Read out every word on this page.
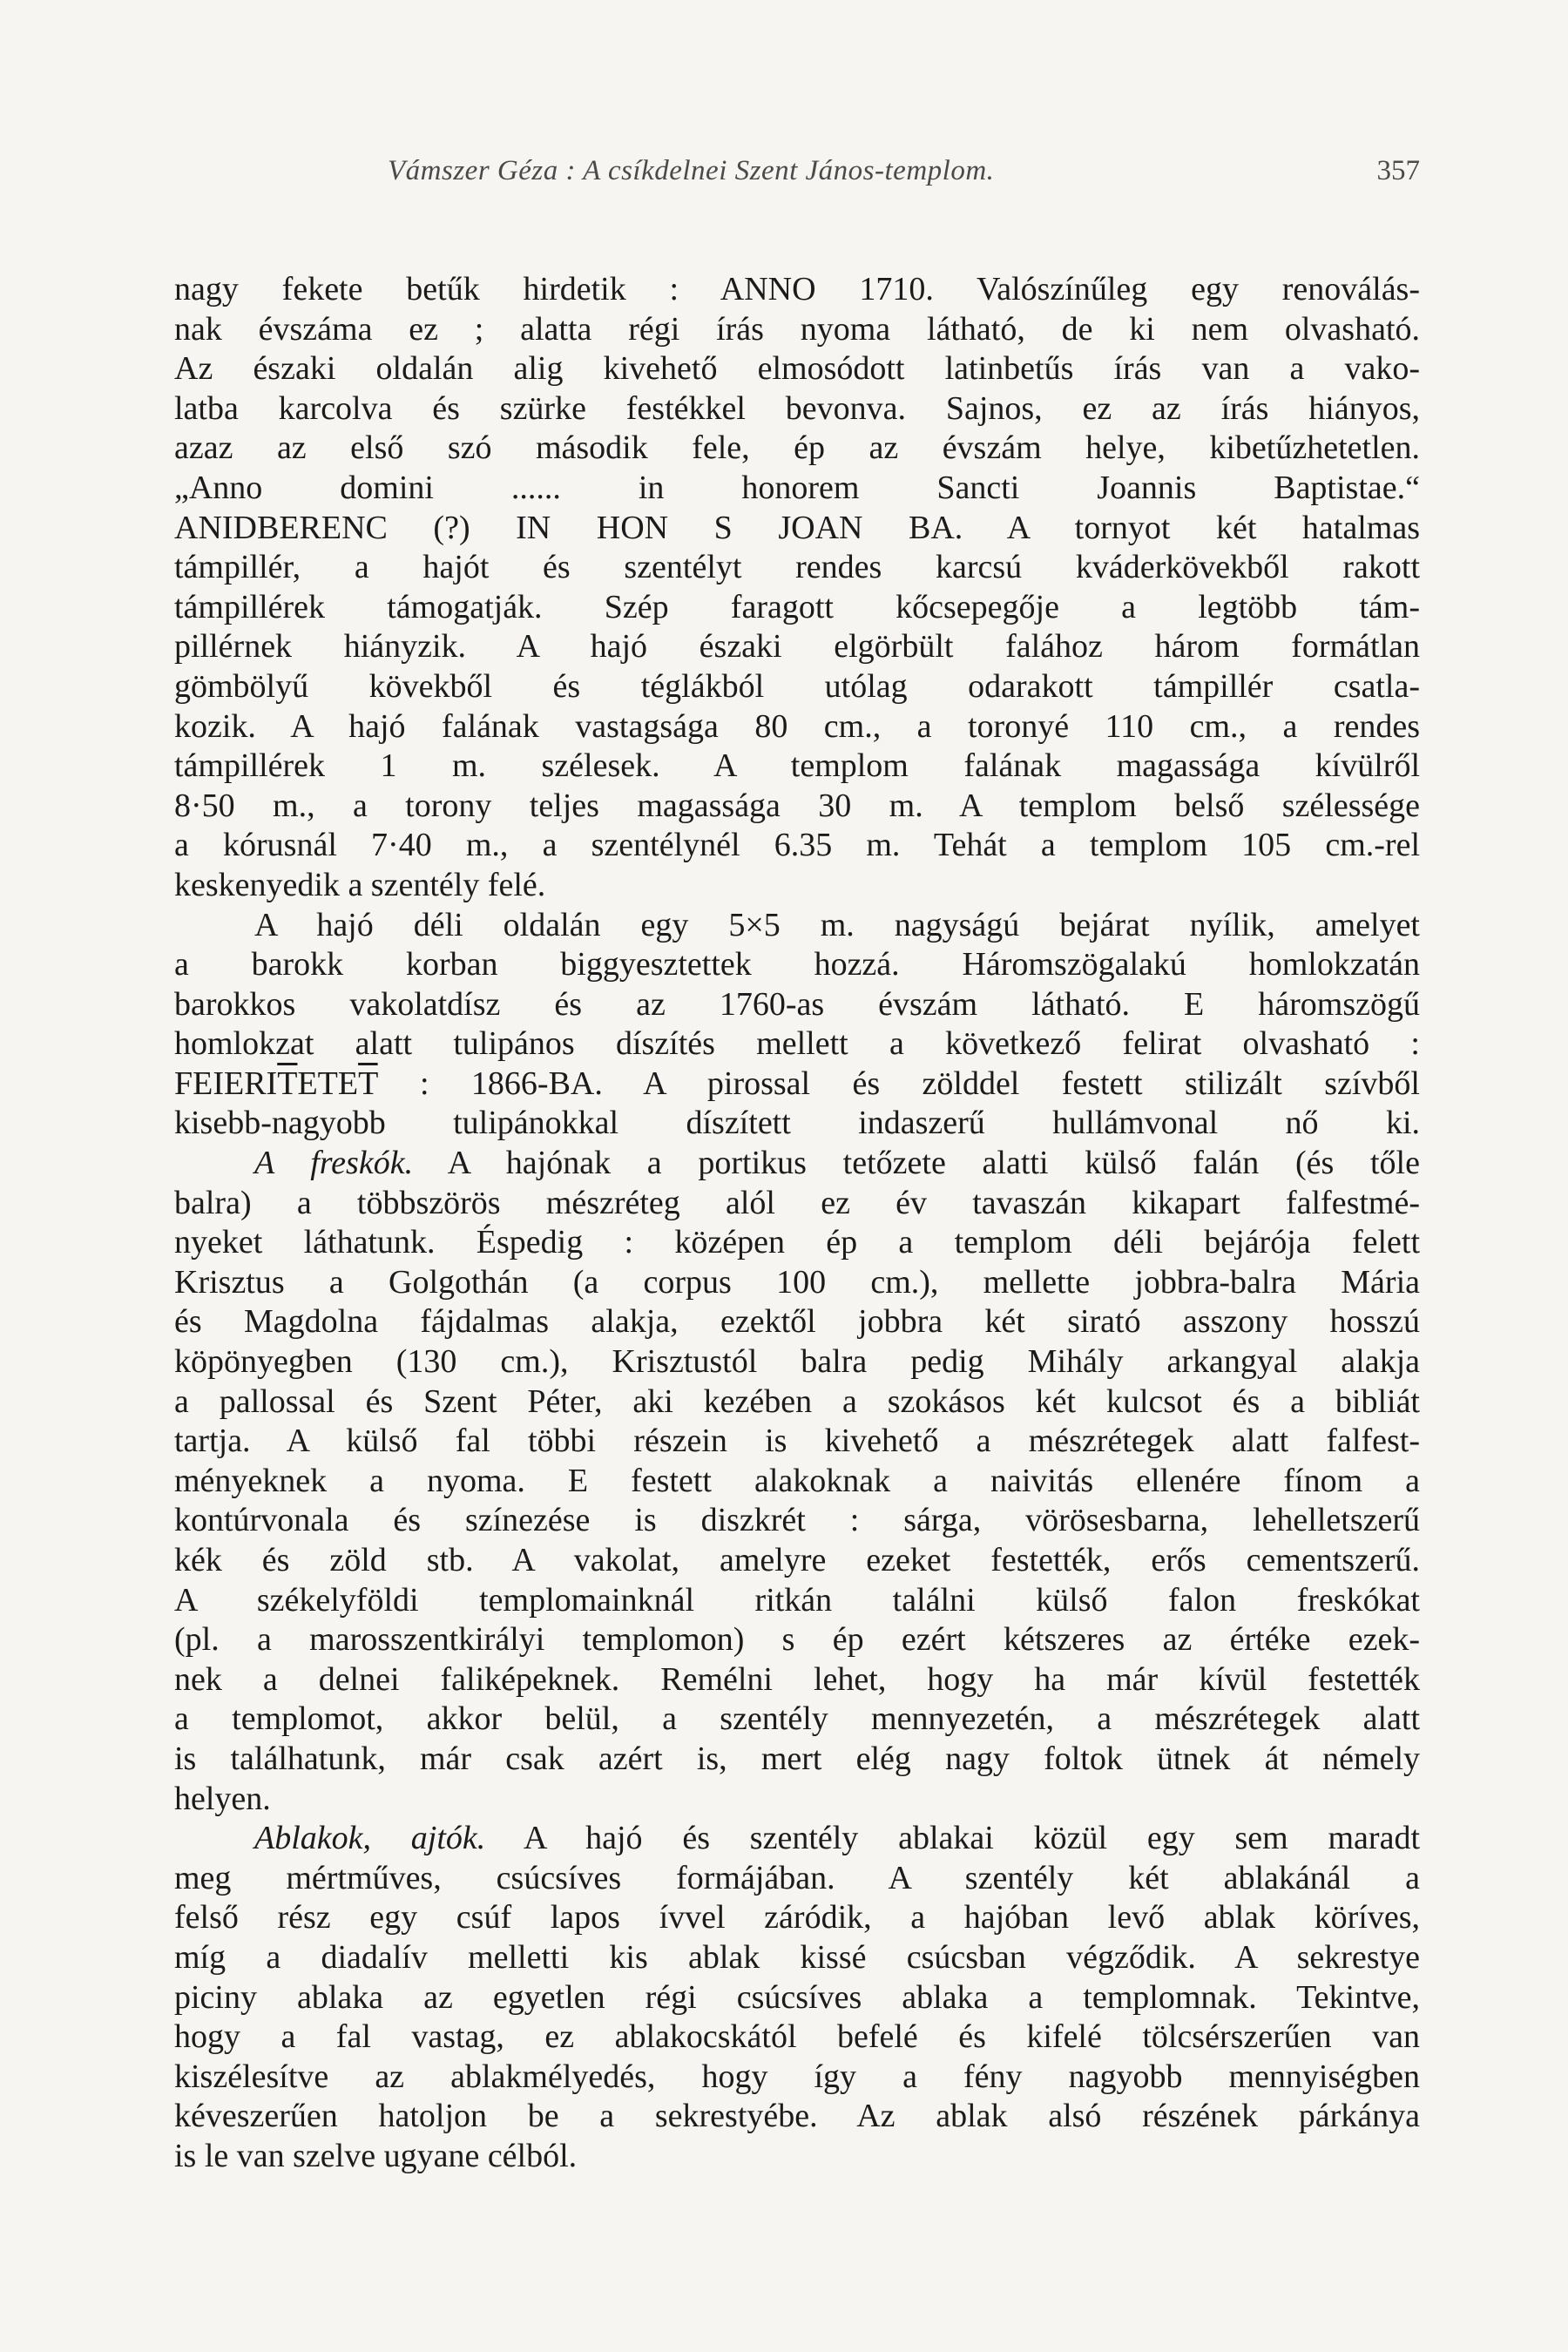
Vámszer Géza : A csíkdelnei Szent János-templom.	357
nagy fekete betűk hirdetik : ANNO 1710. Valószínűleg egy renoválás-
nak évszáma ez ; alatta régi írás nyoma látható, de ki nem olvasható.
Az északi oldalán alig kivehető elmosódott latinbetűs írás van a vako-
latba karcolva és szürke festékkel bevonva. Sajnos, ez az írás hiányos,
azaz az első szó második fele, ép az évszám helye, kibetűzhetetlen.
„Anno domini ...... in honorem Sancti Joannis Baptistae.“
ANIDBERENC (?) IN HON S JOAN BA. A tornyot két hatalmas
támpillér, a hajót és szentélyt rendes karcsú kváderkövekből rakott
támpillérek támogatják. Szép faragott kőcsepegője a legtöbb tám-
pillérnek hiányzik. A hajó északi elgörbült falához három formátlan
gömbölyű kövekből és téglákból utólag odarakott támpillér csatla-
kozik. A hajó falának vastagsága 80 cm., a toronyé 110 cm., a rendes
támpillérek 1 m. szélesek. A templom falának magassága kívülről
8·50 m., a torony teljes magassága 30 m. A templom belső szélessége
a kórusnál 7·40 m., a szentélynél 6.35 m. Tehát a templom 105 cm.-rel
keskenyedik a szentély felé.
A hajó déli oldalán egy 5×5 m. nagyságú bejárat nyílik, amelyet
a barokk korban biggyesztettek hozzá. Háromszögalakú homlokzatán
barokkos vakolatdísz és az 1760-as évszám látható. E háromszögű
homlokzat alatt tulipános díszítés mellett a következő felirat olvasható :
$FEIERI\overline{T}ETE\overline{T}$ : 1866-BA. A pirossal és zölddel festett stilizált szívből
kisebb-nagyobb tulipánokkal díszített indaszerű hullámvonal nő ki.
A freskók. A hajónak a portikus tetőzete alatti külső falán (és tőle
balra) a többszörös mészréteg alól ez év tavaszán kikapart falfestmé-
nyeket láthatunk. Éspedig : középen ép a templom déli bejárója felett
Krisztus a Golgothán (a corpus 100 cm.), mellette jobbra-balra Mária
és Magdolna fájdalmas alakja, ezektől jobbra két sirató asszony hosszú
köpönyegben (130 cm.), Krisztustól balra pedig Mihály arkangyal alakja
a pallossal és Szent Péter, aki kezében a szokásos két kulcsot és a bibliát
tartja. A külső fal többi részein is kivehető a mészrétegek alatt falfest-
ményeknek a nyoma. E festett alakoknak a naivitás ellenére fínom a
kontúrvonala és színezése is diszkrét : sárga, vörösesbarna, lehelletszerű
kék és zöld stb. A vakolat, amelyre ezeket festették, erős cementszerű.
A székelyföldi templomainknál ritkán találni külső falon freskókat
(pl. a marosszentkirályi templomon) s ép ezért kétszeres az értéke ezek-
nek a delnei faliképeknek. Remélni lehet, hogy ha már kívül festették
a templomot, akkor belül, a szentély mennyezetén, a mészrétegek alatt
is találhatunk, már csak azért is, mert elég nagy foltok ütnek át némely
helyen.
Ablakok, ajtók. A hajó és szentély ablakai közül egy sem maradt
meg mértműves, csúcsíves formájában. A szentély két ablakánál a
felső rész egy csúf lapos ívvel záródik, a hajóban levő ablak köríves,
míg a diadalív melletti kis ablak kissé csúcsban végződik. A sekrestye
piciny ablaka az egyetlen régi csúcsíves ablaka a templomnak. Tekintve,
hogy a fal vastag, ez ablakocskától befelé és kifelé tölcsérszerűen van
kiszélesítve az ablakmélyedés, hogy így a fény nagyobb mennyiségben
kéveszerűen hatoljon be a sekrestyébe. Az ablak alsó részének párkánya
is le van szelve ugyane célból.
